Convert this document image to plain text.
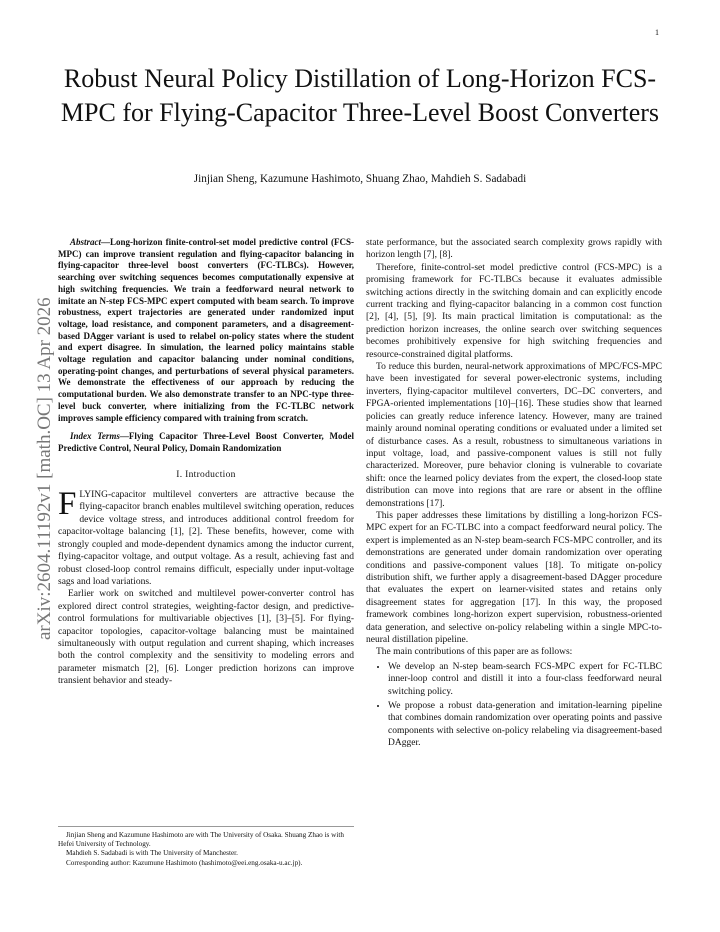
1
arXiv:2604.11192v1 [math.OC] 13 Apr 2026
Robust Neural Policy Distillation of Long-Horizon FCS-MPC for Flying-Capacitor Three-Level Boost Converters
Jinjian Sheng, Kazumune Hashimoto, Shuang Zhao, Mahdieh S. Sadabadi

Abstract—Long-horizon finite-control-set model predictive control (FCS-MPC) can improve transient regulation and flying-capacitor balancing in flying-capacitor three-level boost converters (FC-TLBCs). However, searching over switching sequences becomes computationally expensive at high switching frequencies. We train a feedforward neural network to imitate an N-step FCS-MPC expert computed with beam search. To improve robustness, expert trajectories are generated under randomized input voltage, load resistance, and component parameters, and a disagreement-based DAgger variant is used to relabel on-policy states where the student and expert disagree. In simulation, the learned policy maintains stable voltage regulation and capacitor balancing under nominal conditions, operating-point changes, and perturbations of several physical parameters. We demonstrate the effectiveness of our approach by reducing the computational burden. We also demonstrate transfer to an NPC-type three-level buck converter, where initializing from the FC-TLBC network improves sample efficiency compared with training from scratch.

Index Terms—Flying Capacitor Three-Level Boost Converter, Model Predictive Control, Neural Policy, Domain Randomization

I. Introduction

FLYING-capacitor multilevel converters are attractive because the flying-capacitor branch enables multilevel switching operation, reduces device voltage stress, and introduces additional control freedom for capacitor-voltage balancing [1], [2]. These benefits, however, come with strongly coupled and mode-dependent dynamics among the inductor current, flying-capacitor voltage, and output voltage. As a result, achieving fast and robust closed-loop control remains difficult, especially under input-voltage sags and load variations.

Earlier work on switched and multilevel power-converter control has explored direct control strategies, weighting-factor design, and predictive-control formulations for multivariable objectives [1], [3]–[5]. For flying-capacitor topologies, capacitor-voltage balancing must be maintained simultaneously with output regulation and current shaping, which increases both the control complexity and the sensitivity to modeling errors and parameter mismatch [2], [6]. Longer prediction horizons can improve transient behavior and steady-

state performance, but the associated search complexity grows rapidly with horizon length [7], [8].

Therefore, finite-control-set model predictive control (FCS-MPC) is a promising framework for FC-TLBCs because it evaluates admissible switching actions directly in the switching domain and can explicitly encode current tracking and flying-capacitor balancing in a common cost function [2], [4], [5], [9]. Its main practical limitation is computational: as the prediction horizon increases, the online search over switching sequences becomes prohibitively expensive for high switching frequencies and resource-constrained digital platforms.

To reduce this burden, neural-network approximations of MPC/FCS-MPC have been investigated for several power-electronic systems, including inverters, flying-capacitor multilevel converters, DC–DC converters, and FPGA-oriented implementations [10]–[16]. These studies show that learned policies can greatly reduce inference latency. However, many are trained mainly around nominal operating conditions or evaluated under a limited set of disturbance cases. As a result, robustness to simultaneous variations in input voltage, load, and passive-component values is still not fully characterized. Moreover, pure behavior cloning is vulnerable to covariate shift: once the learned policy deviates from the expert, the closed-loop state distribution can move into regions that are rare or absent in the offline demonstrations [17].

This paper addresses these limitations by distilling a long-horizon FCS-MPC expert for an FC-TLBC into a compact feedforward neural policy. The expert is implemented as an N-step beam-search FCS-MPC controller, and its demonstrations are generated under domain randomization over operating conditions and passive-component values [18]. To mitigate on-policy distribution shift, we further apply a disagreement-based DAgger procedure that evaluates the expert on learner-visited states and retains only disagreement states for aggregation [17]. In this way, the proposed framework combines long-horizon expert supervision, robustness-oriented data generation, and selective on-policy relabeling within a single MPC-to-neural distillation pipeline.

The main contributions of this paper are as follows:

• We develop an N-step beam-search FCS-MPC expert for FC-TLBC inner-loop control and distill it into a four-class feedforward neural switching policy.
• We propose a robust data-generation and imitation-learning pipeline that combines domain randomization over operating points and passive components with selective on-policy relabeling via disagreement-based DAgger.
Jinjian Sheng and Kazumune Hashimoto are with The University of Osaka. Shuang Zhao is with Hefei University of Technology.
Mahdieh S. Sadabadi is with The University of Manchester.
Corresponding author: Kazumune Hashimoto (hashimoto@eei.eng.osaka-u.ac.jp).
